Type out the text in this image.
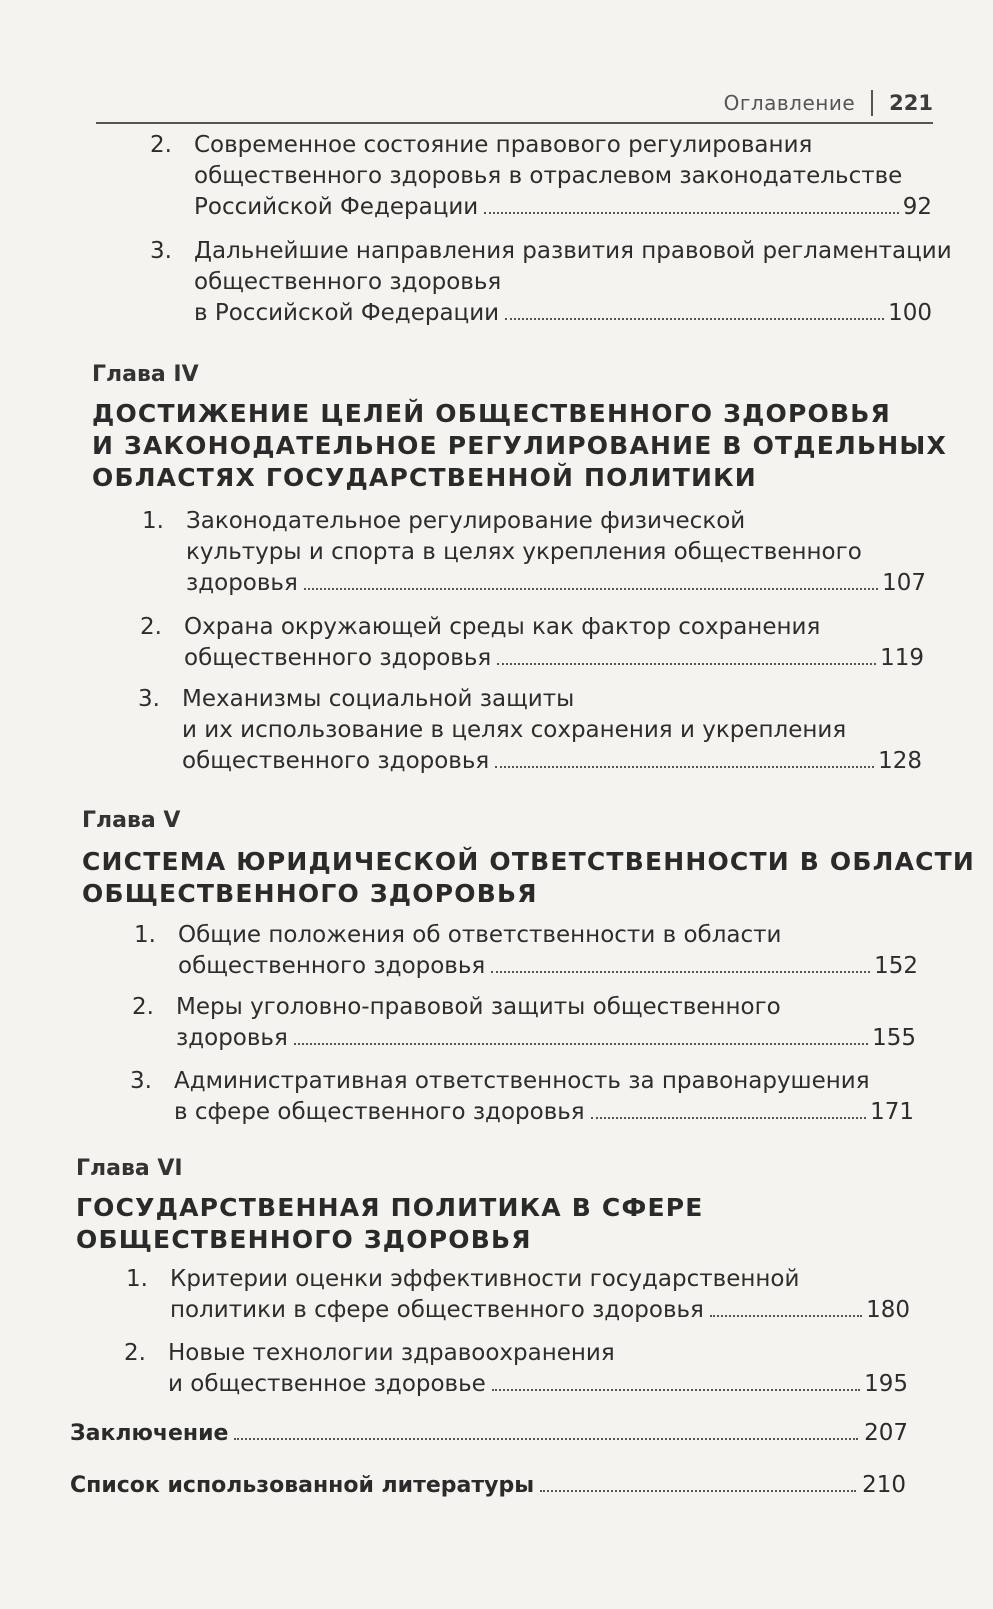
Оглавление 221
2. Современное состояние правового регулирования
общественного здоровья в отраслевом законодательстве
Российской Федерации	92
3. Дальнейшие направления развития правовой регламентации
общественного здоровья
в Российской Федерации	100
Глава IV
ДОСТИЖЕНИЕ ЦЕЛЕЙ ОБЩЕСТВЕННОГО ЗДОРОВЬЯ
И ЗАКОНОДАТЕЛЬНОЕ РЕГУЛИРОВАНИЕ В ОТДЕЛЬНЫХ
ОБЛАСТЯХ ГОСУДАРСТВЕННОЙ ПОЛИТИКИ
1. Законодательное регулирование физической
культуры и спорта в целях укрепления общественного
здоровья	107
2. Охрана окружающей среды как фактор сохранения
общественного здоровья	119
3. Механизмы социальной защиты
и их использование в целях сохранения и укрепления
общественного здоровья	128
Глава V
СИСТЕМА ЮРИДИЧЕСКОЙ ОТВЕТСТВЕННОСТИ В ОБЛАСТИ
ОБЩЕСТВЕННОГО ЗДОРОВЬЯ
1. Общие положения об ответственности в области
общественного здоровья	152
2. Меры уголовно-правовой защиты общественного
здоровья	155
3. Административная ответственность за правонарушения
в сфере общественного здоровья	171
Глава VI
ГОСУДАРСТВЕННАЯ ПОЛИТИКА В СФЕРЕ
ОБЩЕСТВЕННОГО ЗДОРОВЬЯ
1. Критерии оценки эффективности государственной
политики в сфере общественного здоровья	180
2. Новые технологии здравоохранения
и общественное здоровье	195
Заключение	207
Список использованной литературы	210
